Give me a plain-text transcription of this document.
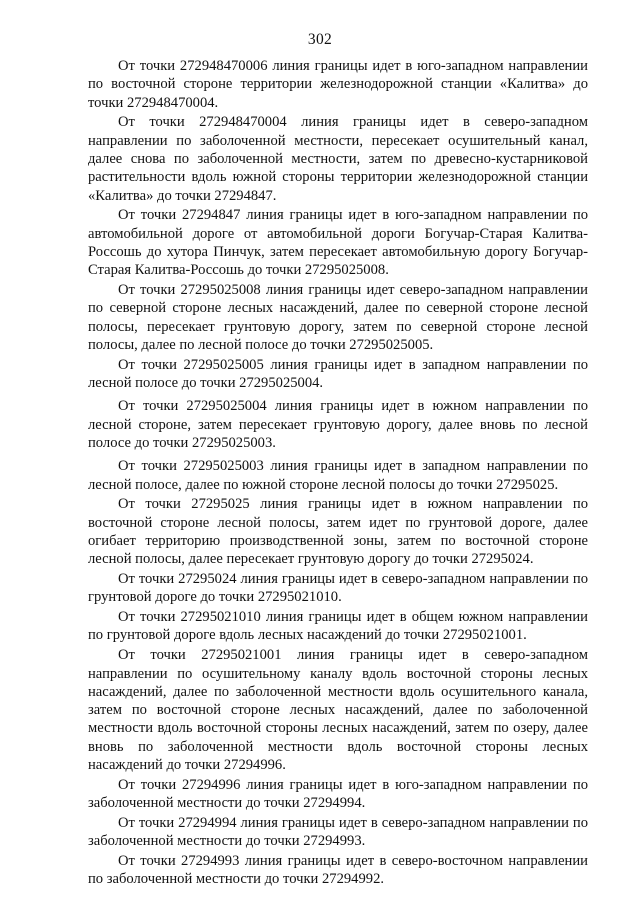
302

От точки 272948470006 линия границы идет в юго-западном направлении по восточной стороне территории железнодорожной станции «Калитва» до точки 272948470004.

От точки 272948470004 линия границы идет в северо-западном направлении по заболоченной местности, пересекает осушительный канал, далее снова по заболоченной местности, затем по древесно-кустарниковой растительности вдоль южной стороны территории железнодорожной станции «Калитва» до точки 27294847.

От точки 27294847 линия границы идет в юго-западном направлении по автомобильной дороге от автомобильной дороги Богучар-Старая Калитва-Россошь до хутора Пинчук, затем пересекает автомобильную дорогу Богучар-Старая Калитва-Россошь до точки 27295025008.

От точки 27295025008 линия границы идет северо-западном направлении по северной стороне лесных насаждений, далее по северной стороне лесной полосы, пересекает грунтовую дорогу, затем по северной стороне лесной полосы, далее по лесной полосе до точки 27295025005.

От точки 27295025005 линия границы идет в западном направлении по лесной полосе до точки 27295025004.

От точки 27295025004 линия границы идет в южном направлении по лесной стороне, затем пересекает грунтовую дорогу, далее вновь по лесной полосе до точки 27295025003.

От точки 27295025003 линия границы идет в западном направлении по лесной полосе, далее по южной стороне лесной полосы до точки 27295025.

От точки 27295025 линия границы идет в южном направлении по восточной стороне лесной полосы, затем идет по грунтовой дороге, далее огибает территорию производственной зоны, затем по восточной стороне лесной полосы, далее пересекает грунтовую дорогу до точки 27295024.

От точки 27295024 линия границы идет в северо-западном направлении по грунтовой дороге до точки 27295021010.

От точки 27295021010 линия границы идет в общем южном направлении по грунтовой дороге вдоль лесных насаждений до точки 27295021001.

От точки 27295021001 линия границы идет в северо-западном направлении по осушительному каналу вдоль восточной стороны лесных насаждений, далее по заболоченной местности вдоль осушительного канала, затем по восточной стороне лесных насаждений, далее по заболоченной местности вдоль восточной стороны лесных насаждений, затем по озеру, далее вновь по заболоченной местности вдоль восточной стороны лесных насаждений до точки 27294996.

От точки 27294996 линия границы идет в юго-западном направлении по заболоченной местности до точки 27294994.

От точки 27294994 линия границы идет в северо-западном направлении по заболоченной местности до точки 27294993.

От точки 27294993 линия границы идет в северо-восточном направлении по заболоченной местности до точки 27294992.
